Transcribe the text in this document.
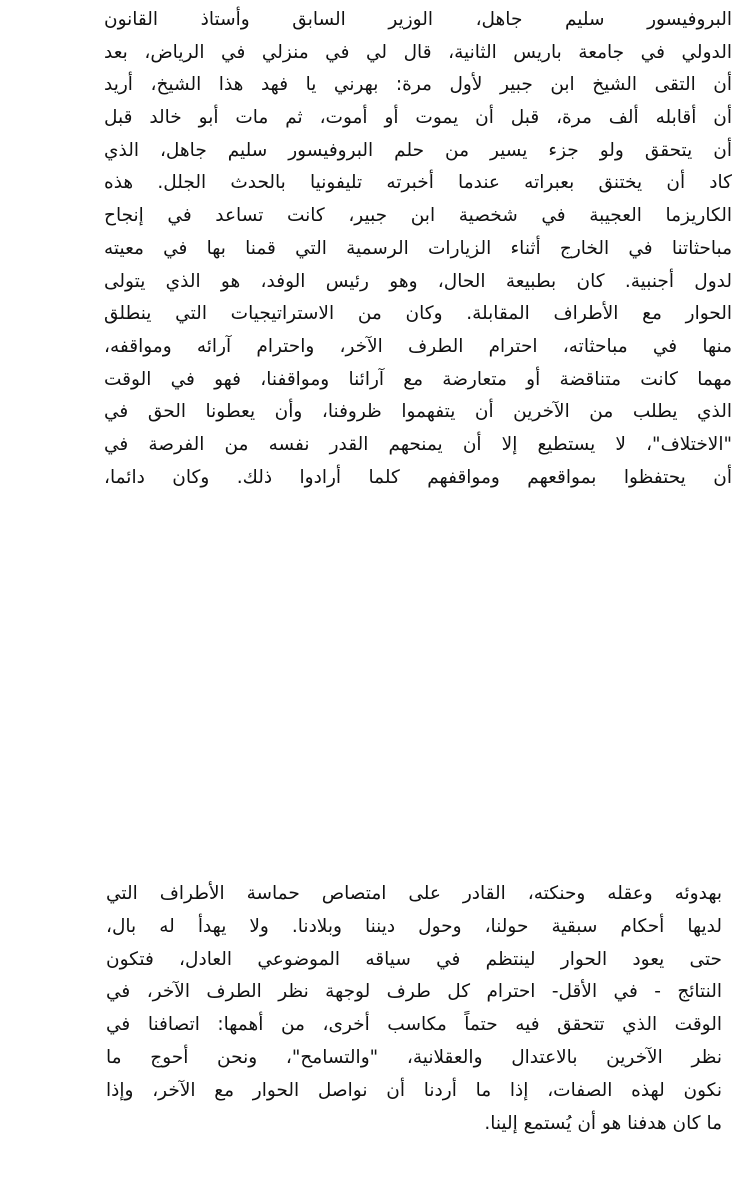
البروفيسور سليم جاهل، الوزير السابق وأستاذ القانون
الدولي في جامعة باريس الثانية، قال لي في منزلي في الرياض، بعد
أن التقى الشيخ ابن جبير لأول مرة: بهرني يا فهد هذا الشيخ، أريد
أن أقابله ألف مرة، قبل أن يموت أو أموت، ثم مات أبو خالد قبل
أن يتحقق ولو جزء يسير من حلم البروفيسور سليم جاهل، الذي
كاد أن يختنق بعبراته عندما أخبرته تليفونيا بالحدث الجلل. هذه
الكاريزما العجيبة في شخصية ابن جبير، كانت تساعد في إنجاح
مباحثاتنا في الخارج أثناء الزيارات الرسمية التي قمنا بها في معيته
لدول أجنبية. كان بطبيعة الحال، وهو رئيس الوفد، هو الذي يتولى
الحوار مع الأطراف المقابلة. وكان من الاستراتيجيات التي ينطلق
منها في مباحثاته، احترام الطرف الآخر، واحترام آرائه ومواقفه،
مهما كانت متناقضة أو متعارضة مع آرائنا ومواقفنا، فهو في الوقت
الذي يطلب من الآخرين أن يتفهموا ظروفنا، وأن يعطونا الحق في
"الاختلاف"، لا يستطيع إلا أن يمنحهم القدر نفسه من الفرصة في
أن يحتفظوا بمواقعهم ومواقفهم كلما أرادوا ذلك. وكان دائما،
بهدوئه وعقله وحنكته، القادر على امتصاص حماسة الأطراف التي
لديها أحكام سبقية حولنا، وحول ديننا وبلادنا. ولا يهدأ له بال،
حتى يعود الحوار لينتظم في سياقه الموضوعي العادل، فتكون
النتائج - في الأقل- احترام كل طرف لوجهة نظر الطرف الآخر، في
الوقت الذي تتحقق فيه حتماً مكاسب أخرى، من أهمها: اتصافنا في
نظر الآخرين بالاعتدال والعقلانية، "والتسامح"، ونحن أحوج ما
نكون لهذه الصفات، إذا ما أردنا أن نواصل الحوار مع الآخر، وإذا
ما كان هدفنا هو أن يُستمع إلينا.
